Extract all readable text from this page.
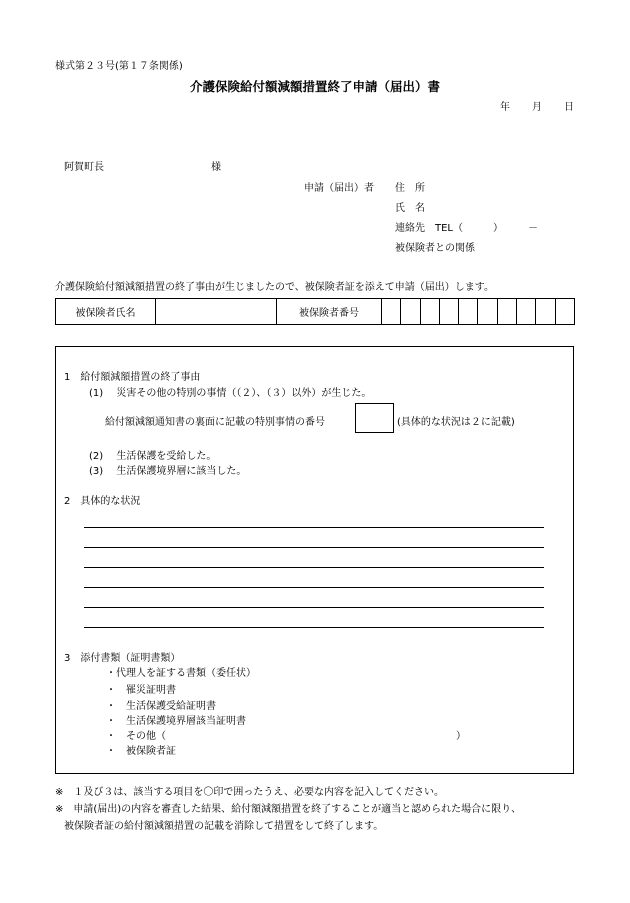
様式第２３号(第１７条関係)
介護保険給付額減額措置終了申請（届出）書
年 月 日
阿賀町長	様
申請（届出）者 住　所
氏　名
連絡先　TEL（　　　）　　　－
被保険者との関係
介護保険給付額減額措置の終了事由が生じましたので、被保険者証を添えて申請（届出）します。
被保険者氏名		被保険者番号										
1　給付額減額措置の終了事由
(1)　 災害その他の特別の事情（（２）、（３）以外）が生じた。
給付額減額通知書の裏面に記載の特別事情の番号	(具体的な状況は２に記載)
(2)　 生活保護を受給した。
(3)　 生活保護境界層に該当した。
2　具体的な状況
3　添付書類（証明書類）
・代理人を証する書類（委任状）
・　罹災証明書
・　生活保護受給証明書
・　生活保護境界層該当証明書
・　その他（　　　　　　　　　　　　　　　　　　　　　　　　　　　　　）
・　被保険者証
※　１及び３は、該当する項目を〇印で囲ったうえ、必要な内容を記入してください。
※　申請(届出)の内容を審査した結果、給付額減額措置を終了することが適当と認められた場合に限り、
被保険者証の給付額減額措置の記載を消除して措置をして終了します。
